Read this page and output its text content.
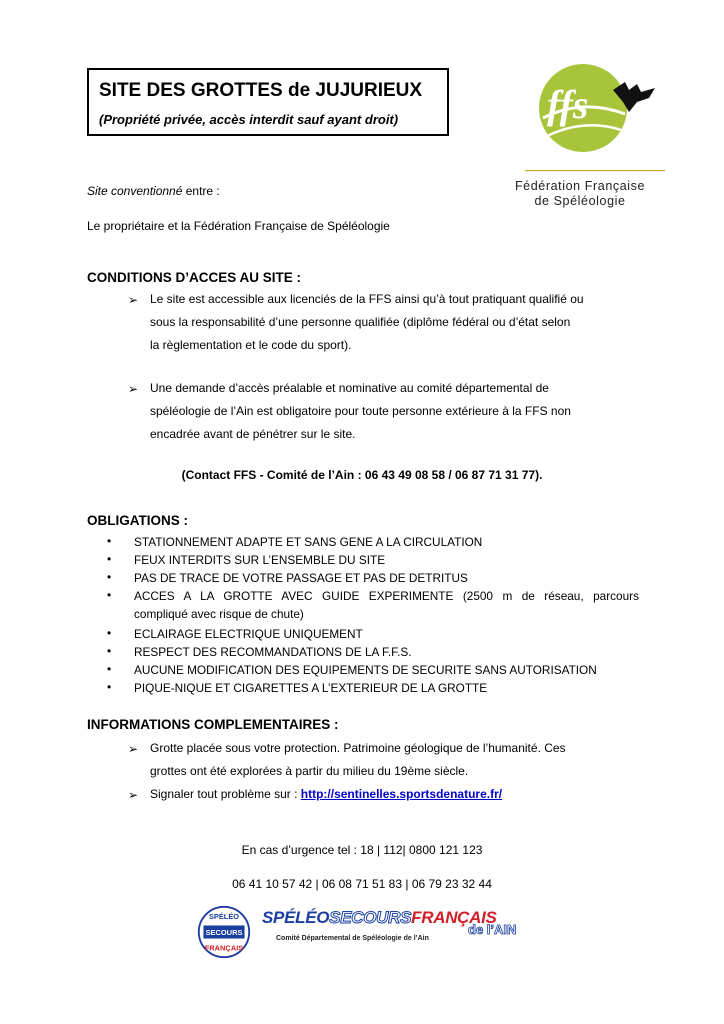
SITE DES GROTTES de JUJURIEUX
(Propriété privée, accès interdit sauf ayant droit)	ffs
Fédération Française
de Spéléologie
Site conventionné entre :
Le propriétaire et la Fédération Française de Spéléologie
CONDITIONS D’ACCES AU SITE :
➢ Le site est accessible aux licenciés de la FFS ainsi qu’à tout pratiquant qualifié ou
sous la responsabilité d’une personne qualifiée (diplôme fédéral ou d’état selon
la règlementation et le code du sport).
➢ Une demande d’accès préalable et nominative au comité départemental de
spéléologie de l’Ain est obligatoire pour toute personne extérieure à la FFS non
encadrée avant de pénétrer sur le site.
(Contact FFS - Comité de l’Ain : 06 43 49 08 58 / 06 87 71 31 77).
OBLIGATIONS :
• STATIONNEMENT ADAPTE ET SANS GENE A LA CIRCULATION
• FEUX INTERDITS SUR L’ENSEMBLE DU SITE
• PAS DE TRACE DE VOTRE PASSAGE ET PAS DE DETRITUS
• ACCES A LA GROTTE AVEC GUIDE EXPERIMENTE (2500 m de réseau, parcours
compliqué avec risque de chute)
• ECLAIRAGE ELECTRIQUE UNIQUEMENT
• RESPECT DES RECOMMANDATIONS DE LA F.F.S.
• AUCUNE MODIFICATION DES EQUIPEMENTS DE SECURITE SANS AUTORISATION
• PIQUE-NIQUE ET CIGARETTES A L’EXTERIEUR DE LA GROTTE
INFORMATIONS COMPLEMENTAIRES :
➢ Grotte placée sous votre protection. Patrimoine géologique de l’humanité. Ces
grottes ont été explorées à partir du milieu du 19ème siècle.
➢ Signaler tout problème sur : http://sentinelles.sportsdenature.fr/
En cas d’urgence tel : 18 | 112| 0800 121 123
06 41 10 57 42 | 06 08 71 51 83 | 06 79 23 32 44
SPÉLÉO
SECOURS
FRANÇAIS
SPÉLÉOSECOURSFRANÇAIS
de l’AIN
Comité Départemental de Spéléologie de l’Ain
